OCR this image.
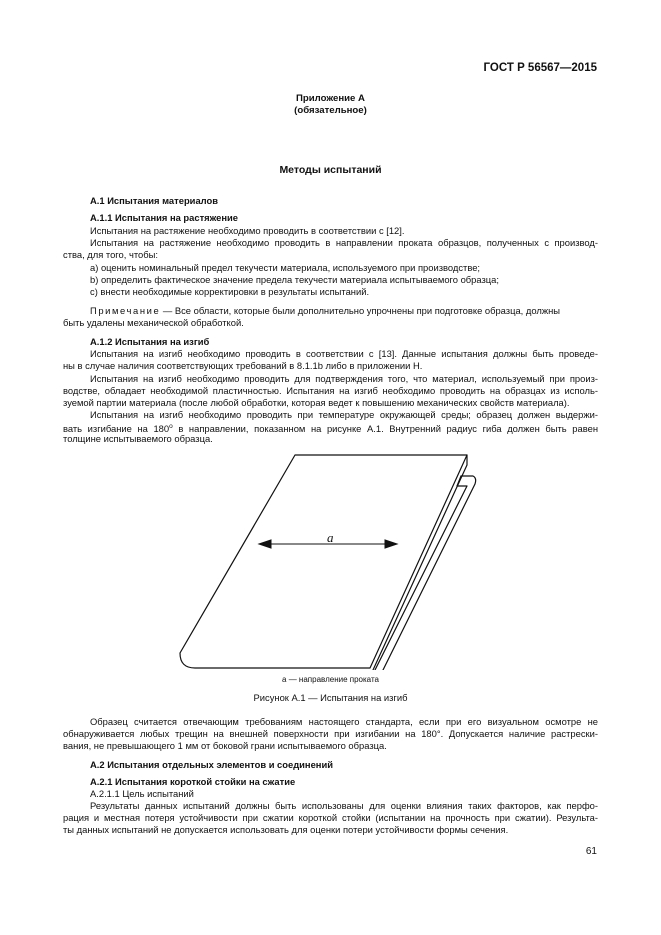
ГОСТ Р 56567—2015
Приложение А
(обязательное)
Методы испытаний
А.1 Испытания материалов
А.1.1 Испытания на растяжение
Испытания на растяжение необходимо проводить в соответствии с [12].
Испытания на растяжение необходимо проводить в направлении проката образцов, полученных с производ-
ства, для того, чтобы:
a) оценить номинальный предел текучести материала, используемого при производстве;
b) определить фактическое значение предела текучести материала испытываемого образца;
c) внести необходимые корректировки в результаты испытаний.
Примечание — Все области, которые были дополнительно упрочнены при подготовке образца, должны
быть удалены механической обработкой.
А.1.2 Испытания на изгиб
Испытания на изгиб необходимо проводить в соответствии с [13]. Данные испытания должны быть проведе-
ны в случае наличия соответствующих требований в 8.1.1b либо в приложении Н.
Испытания на изгиб необходимо проводить для подтверждения того, что материал, используемый при произ-
водстве, обладает необходимой пластичностью. Испытания на изгиб необходимо проводить на образцах из исполь-
зуемой партии материала (после любой обработки, которая ведет к повышению механических свойств материала).
Испытания на изгиб необходимо проводить при температуре окружающей среды; образец должен выдержи-
вать изгибание на $180^о$ в направлении, показанном на рисунке А.1. Внутренний радиус гиба должен быть равен
толщине испытываемого образца.
a
а — направление проката
Рисунок А.1 — Испытания на изгиб
Образец считается отвечающим требованиям настоящего стандарта, если при его визуальном осмотре не
обнаруживается любых трещин на внешней поверхности при изгибании на 180°. Допускается наличие растрески-
вания, не превышающего 1 мм от боковой грани испытываемого образца.
А.2 Испытания отдельных элементов и соединений
А.2.1 Испытания короткой стойки на сжатие
А.2.1.1 Цель испытаний
Результаты данных испытаний должны быть использованы для оценки влияния таких факторов, как перфо-
рация и местная потеря устойчивости при сжатии короткой стойки (испытании на прочность при сжатии). Результа-
ты данных испытаний не допускается использовать для оценки потери устойчивости формы сечения.
61
